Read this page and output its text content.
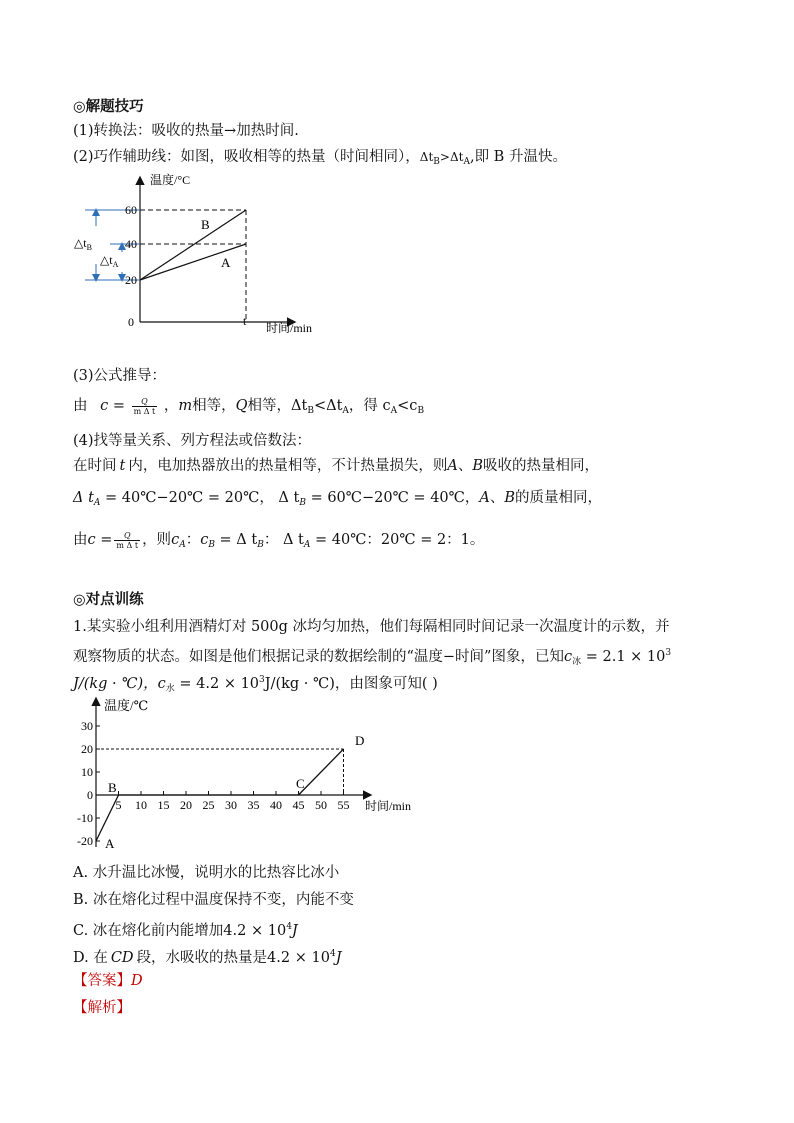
◎解题技巧
(1)转换法：吸收的热量→加热时间.
(2)巧作辅助线：如图，吸收相等的热量（时间相同），$\Delta t_B>\Delta t_A$,即 B 升温快。
温度/°C
时间/min
0
20
40
60
t
B
A
$\triangle t_B$
$\triangle t_A$
(3)公式推导：
由 $c = \frac{Q}{\text{m Δ t}}$ ，m相等，Q相等，$\Delta t_B<\Delta t_A$，得 $c_A<c_B$
(4)找等量关系、列方程法或倍数法：
在时间 t 内，电加热器放出的热量相等，不计热量损失，则A、B吸收的热量相同，
Δ $t_A$ = 40℃−20℃ = 20℃， Δ $t_B$ = 60℃−20℃ = 40℃，A、B的质量相同，
由$c = \frac{Q}{\text{m Δ t}}$ ，则$c_A$：$c_B = \Delta$ $t_B$： Δ $t_A$ = 40℃：20℃ = 2：1。
◎对点训练
1.某实验小组利用酒精灯对 500g 冰均匀加热，他们每隔相同时间记录一次温度计的示数，并
观察物质的状态。如图是他们根据记录的数据绘制的“温度−时间”图象，已知$c_冰 = 2.1 \times 10^3$
J/(kg · ℃)，$c_水 = 4.2 \times 10^3J/(kg$ · ℃)，由图象可知( )
5 10 15 20 25 30 35 40 45 50 55
30
20
10
0
-10
-20
温度/℃
时间/min
B
A
C
D
A. 水升温比冰慢，说明水的比热容比冰小
B. 冰在熔化过程中温度保持不变，内能不变
C. 冰在熔化前内能增加$4.2 \times 10^4J$
D. 在 CD 段，水吸收的热量是$4.2 \times 10^4J$
【答案】D
【解析】
